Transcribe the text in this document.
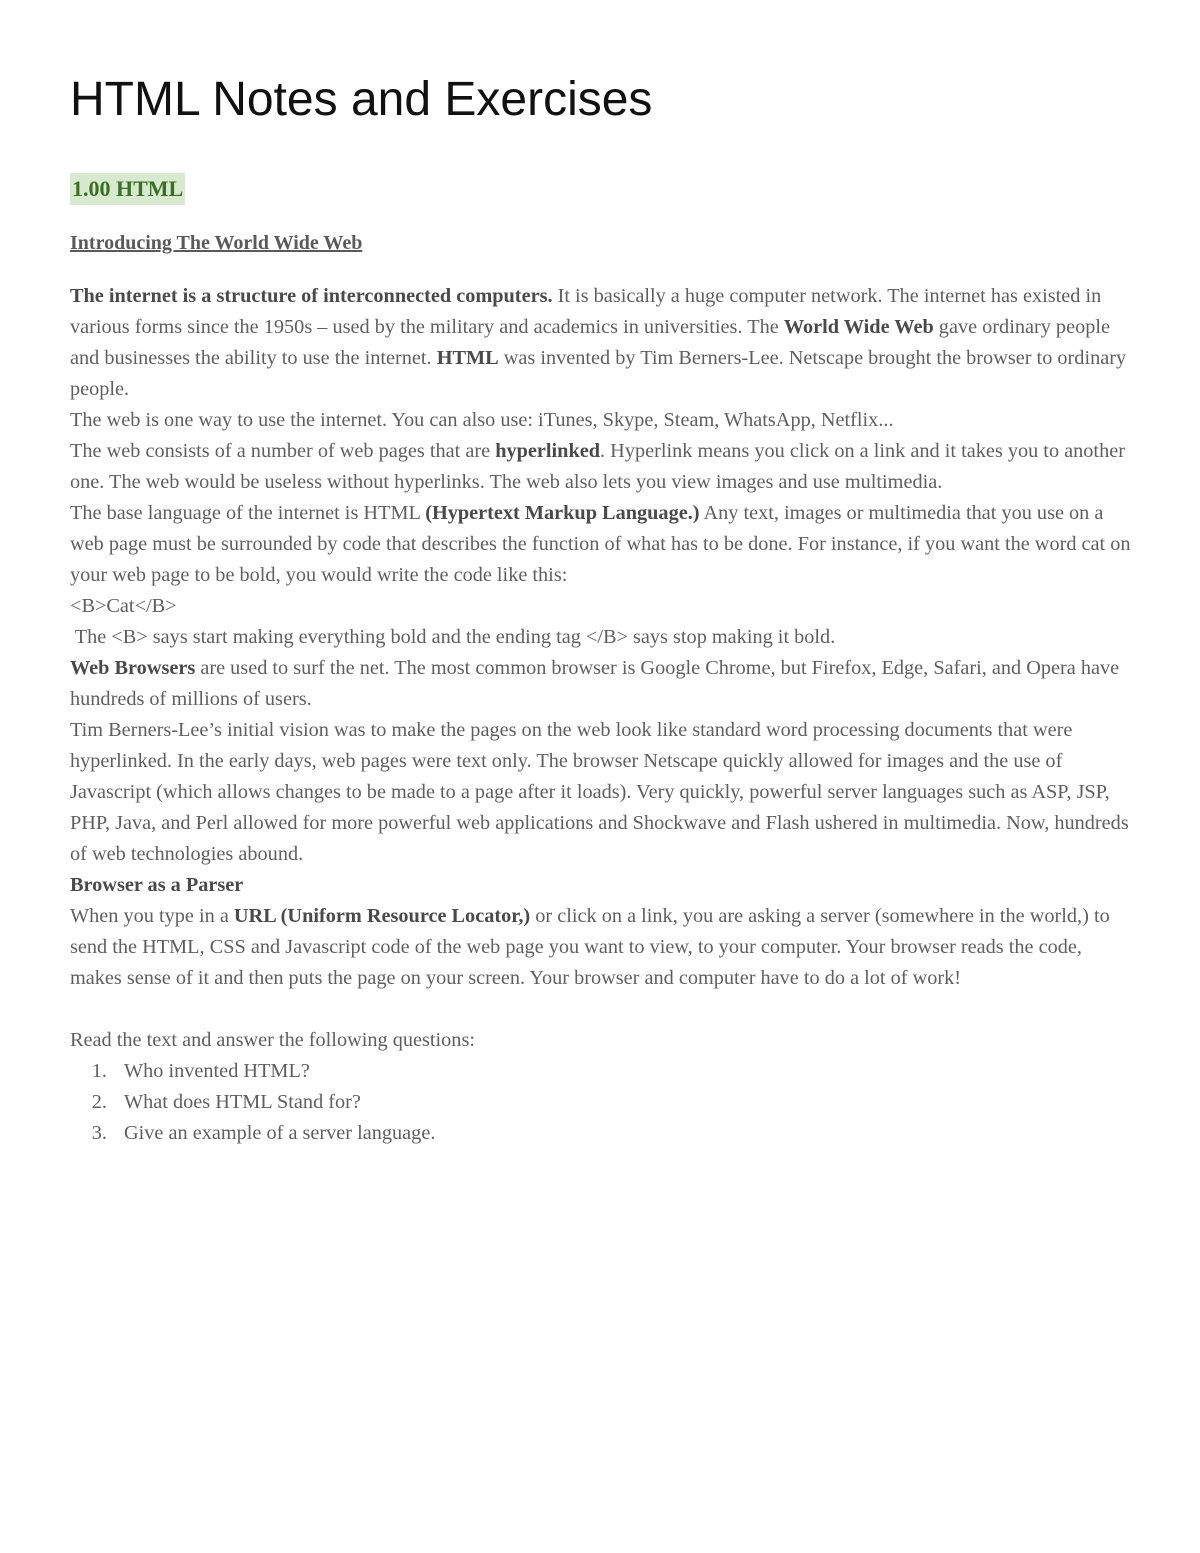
HTML Notes and Exercises
1.00 HTML
Introducing The World Wide Web

The internet is a structure of interconnected computers. It is basically a huge computer network. The internet has existed in various forms since the 1950s – used by the military and academics in universities. The World Wide Web gave ordinary people and businesses the ability to use the internet. HTML was invented by Tim Berners-Lee. Netscape brought the browser to ordinary people.

The web is one way to use the internet. You can also use: iTunes, Skype, Steam, WhatsApp, Netflix...

The web consists of a number of web pages that are hyperlinked. Hyperlink means you click on a link and it takes you to another one. The web would be useless without hyperlinks. The web also lets you view images and use multimedia.

The base language of the internet is HTML (Hypertext Markup Language.) Any text, images or multimedia that you use on a web page must be surrounded by code that describes the function of what has to be done. For instance, if you want the word cat on your web page to be bold, you would write the code like this:

<B>Cat</B>

The <B> says start making everything bold and the ending tag </B> says stop making it bold.

Web Browsers are used to surf the net. The most common browser is Google Chrome, but Firefox, Edge, Safari, and Opera have hundreds of millions of users.

Tim Berners-Lee’s initial vision was to make the pages on the web look like standard word processing documents that were hyperlinked. In the early days, web pages were text only. The browser Netscape quickly allowed for images and the use of Javascript (which allows changes to be made to a page after it loads). Very quickly, powerful server languages such as ASP, JSP, PHP, Java, and Perl allowed for more powerful web applications and Shockwave and Flash ushered in multimedia. Now, hundreds of web technologies abound.

Browser as a Parser

When you type in a URL (Uniform Resource Locator,) or click on a link, you are asking a server (somewhere in the world,) to send the HTML, CSS and Javascript code of the web page you want to view, to your computer. Your browser reads the code, makes sense of it and then puts the page on your screen. Your browser and computer have to do a lot of work!

Read the text and answer the following questions:

1. Who invented HTML?
2. What does HTML Stand for?
3. Give an example of a server language.
